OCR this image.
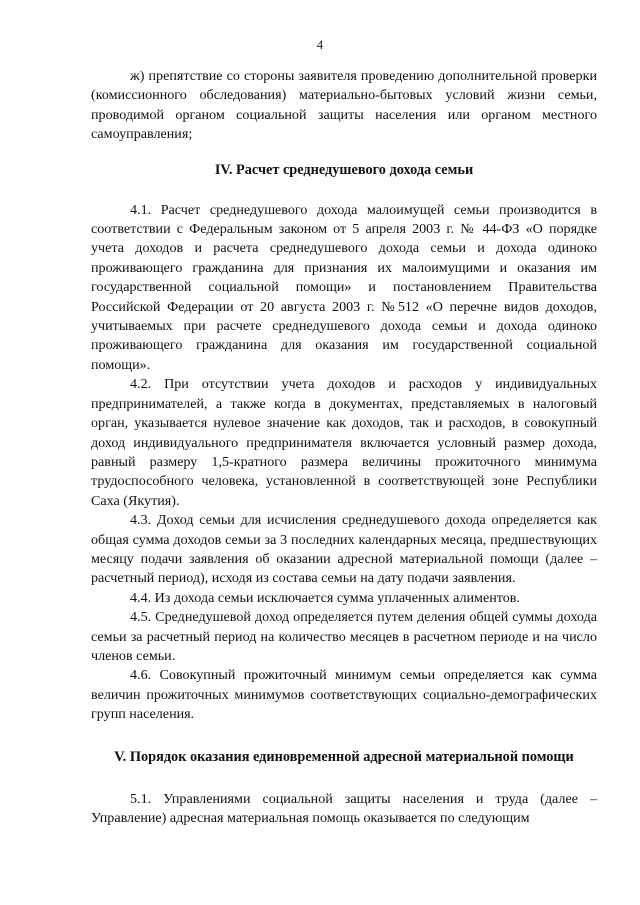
4

ж) препятствие со стороны заявителя проведению дополнительной проверки (комиссионного обследования) материально-бытовых условий жизни семьи, проводимой органом социальной защиты населения или органом местного самоуправления;

IV. Расчет среднедушевого дохода семьи

4.1. Расчет среднедушевого дохода малоимущей семьи производится в соответствии с Федеральным законом от 5 апреля 2003 г. № 44-ФЗ «О порядке учета доходов и расчета среднедушевого дохода семьи и дохода одиноко проживающего гражданина для признания их малоимущими и оказания им государственной социальной помощи» и постановлением Правительства Российской Федерации от 20 августа 2003 г. №512 «О перечне видов доходов, учитываемых при расчете среднедушевого дохода семьи и дохода одиноко проживающего гражданина для оказания им государственной социальной помощи».

4.2. При отсутствии учета доходов и расходов у индивидуальных предпринимателей, а также когда в документах, представляемых в налоговый орган, указывается нулевое значение как доходов, так и расходов, в совокупный доход индивидуального предпринимателя включается условный размер дохода, равный размеру 1,5-кратного размера величины прожиточного минимума трудоспособного человека, установленной в соответствующей зоне Республики Саха (Якутия).

4.3. Доход семьи для исчисления среднедушевого дохода определяется как общая сумма доходов семьи за 3 последних календарных месяца, предшествующих месяцу подачи заявления об оказании адресной материальной помощи (далее – расчетный период), исходя из состава семьи на дату подачи заявления.

4.4. Из дохода семьи исключается сумма уплаченных алиментов.

4.5. Среднедушевой доход определяется путем деления общей суммы дохода семьи за расчетный период на количество месяцев в расчетном периоде и на число членов семьи.

4.6. Совокупный прожиточный минимум семьи определяется как сумма величин прожиточных минимумов соответствующих социально-демографических групп населения.

V. Порядок оказания единовременной адресной материальной помощи

5.1. Управлениями социальной защиты населения и труда (далее – Управление) адресная материальная помощь оказывается по следующим
